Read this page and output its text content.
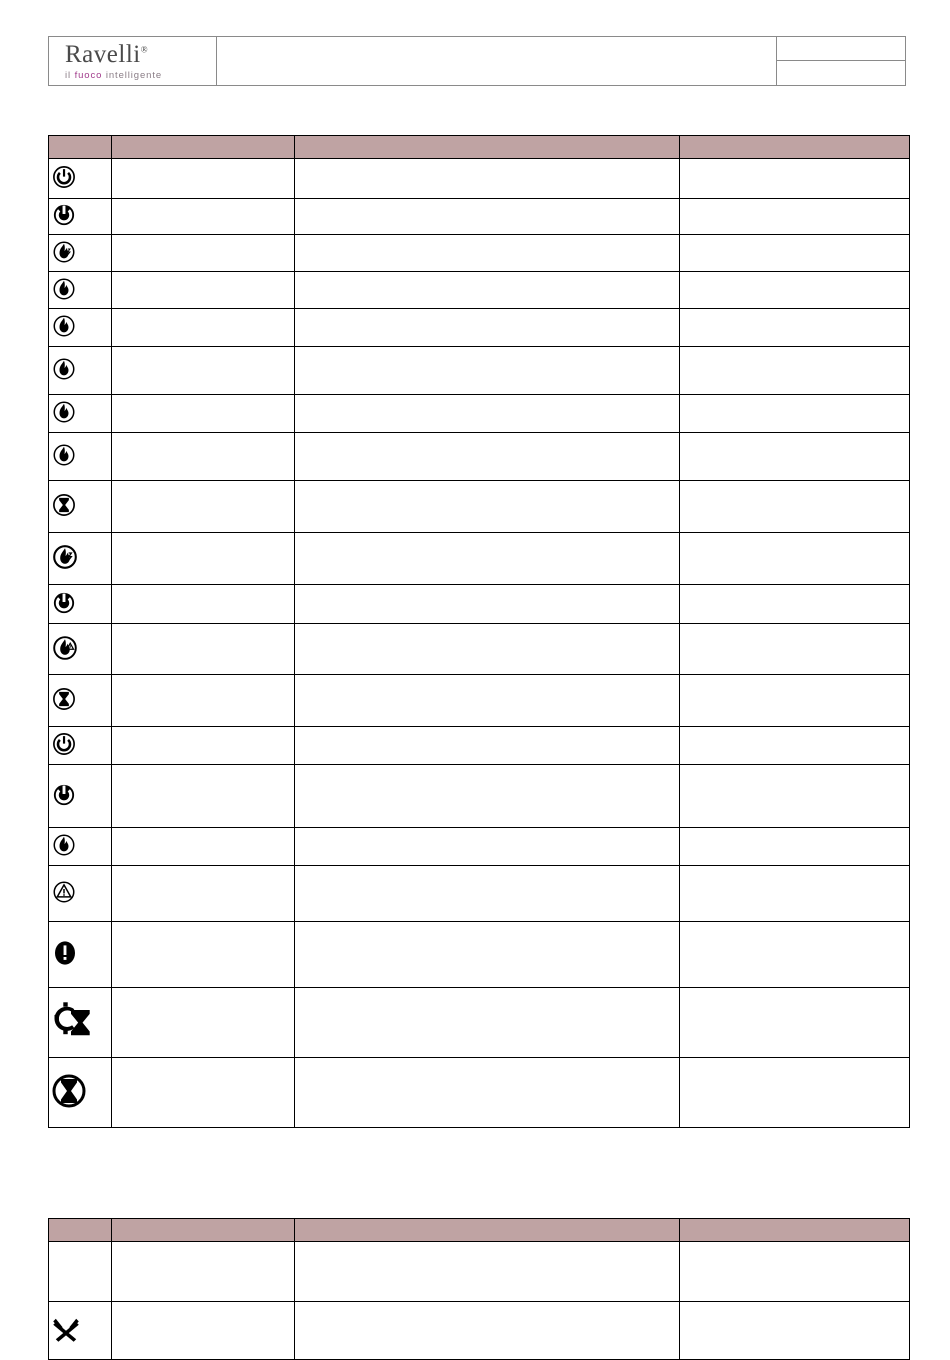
Ravelli®
il fuoco intelligente
